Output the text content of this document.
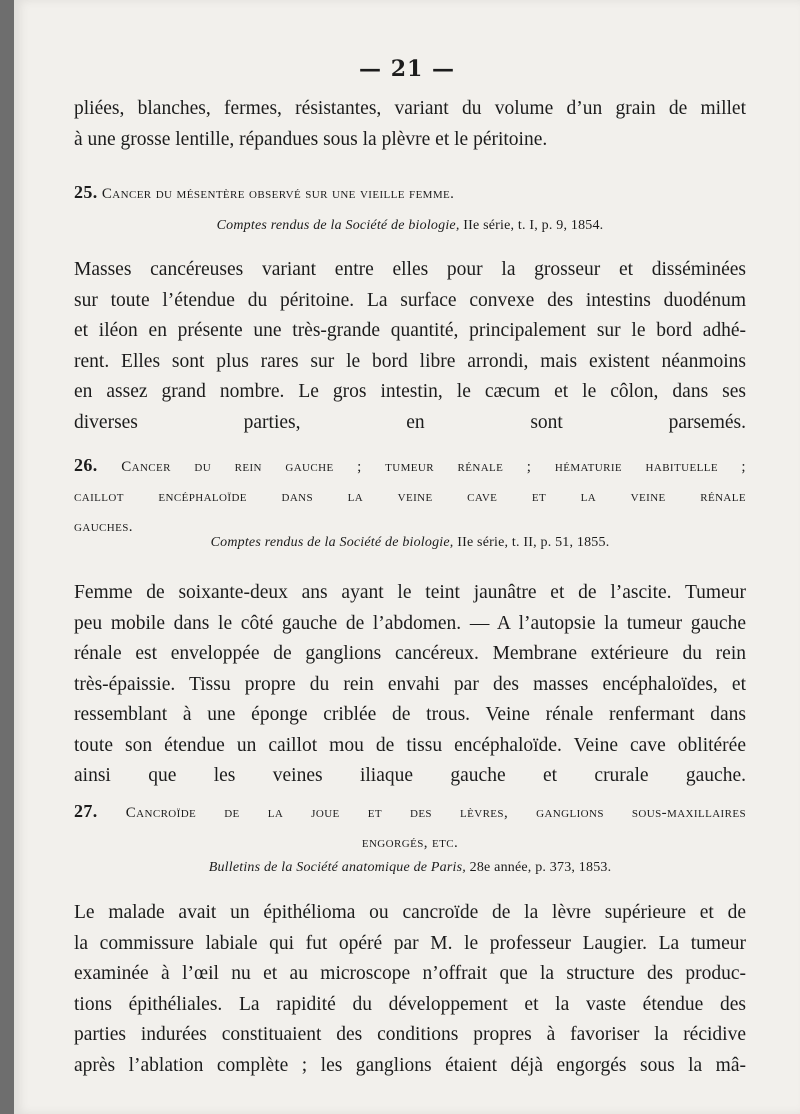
— 21 —
pliées, blanches, fermes, résistantes, variant du volume d’un grain de millet
à une grosse lentille, répandues sous la plèvre et le péritoine.
25. Cancer du mésentère observé sur une vieille femme.
Comptes rendus de la Société de biologie, IIe série, t. I, p. 9, 1854.
Masses cancéreuses variant entre elles pour la grosseur et disséminées
sur toute l’étendue du péritoine. La surface convexe des intestins duodénum
et iléon en présente une très-grande quantité, principalement sur le bord adhé-
rent. Elles sont plus rares sur le bord libre arrondi, mais existent néanmoins
en assez grand nombre. Le gros intestin, le cæcum et le côlon, dans ses
diverses parties, en sont parsemés.
26. Cancer du rein gauche ; tumeur rénale ; hématurie habituelle ;
caillot encéphaloïde dans la veine cave et la veine rénale
gauches.
Comptes rendus de la Société de biologie, IIe série, t. II, p. 51, 1855.
Femme de soixante-deux ans ayant le teint jaunâtre et de l’ascite. Tumeur
peu mobile dans le côté gauche de l’abdomen. — A l’autopsie la tumeur gauche
rénale est enveloppée de ganglions cancéreux. Membrane extérieure du rein
très-épaissie. Tissu propre du rein envahi par des masses encéphaloïdes, et
ressemblant à une éponge criblée de trous. Veine rénale renfermant dans
toute son étendue un caillot mou de tissu encéphaloïde. Veine cave oblitérée
ainsi que les veines iliaque gauche et crurale gauche.
27. Cancroïde de la joue et des lèvres, ganglions sous-maxillaires
engorgés, etc.
Bulletins de la Société anatomique de Paris, 28e année, p. 373, 1853.
Le malade avait un épithélioma ou cancroïde de la lèvre supérieure et de
la commissure labiale qui fut opéré par M. le professeur Laugier. La tumeur
examinée à l’œil nu et au microscope n’offrait que la structure des produc-
tions épithéliales. La rapidité du développement et la vaste étendue des
parties indurées constituaient des conditions propres à favoriser la récidive
après l’ablation complète ; les ganglions étaient déjà engorgés sous la mâ-
